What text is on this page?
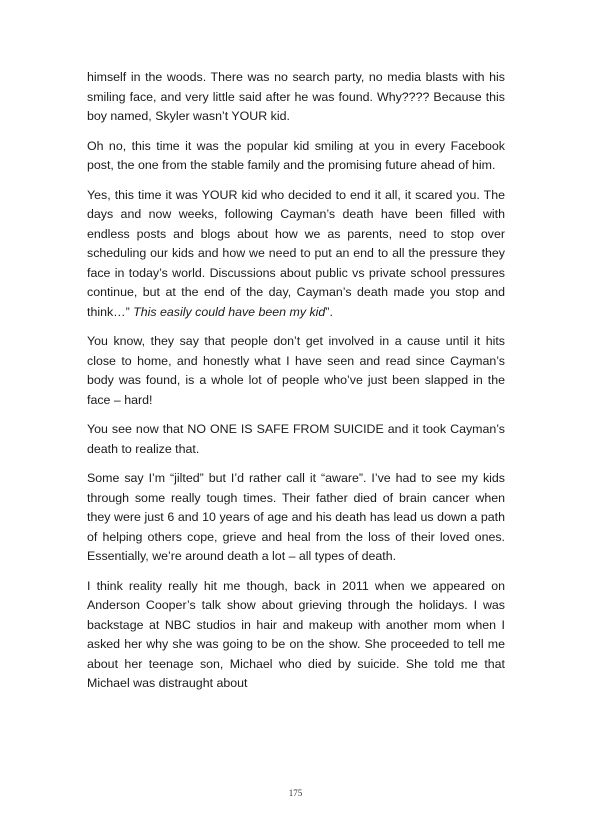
himself in the woods. There was no search party, no media blasts with his smiling face, and very little said after he was found. Why???? Because this boy named, Skyler wasn’t YOUR kid.

Oh no, this time it was the popular kid smiling at you in every Facebook post, the one from the stable family and the promising future ahead of him.

Yes, this time it was YOUR kid who decided to end it all, it scared you. The days and now weeks, following Cayman’s death have been filled with endless posts and blogs about how we as parents, need to stop over scheduling our kids and how we need to put an end to all the pressure they face in today’s world. Discussions about public vs private school pressures continue, but at the end of the day, Cayman’s death made you stop and think…” This easily could have been my kid”.

You know, they say that people don’t get involved in a cause until it hits close to home, and honestly what I have seen and read since Cayman’s body was found, is a whole lot of people who’ve just been slapped in the face – hard!

You see now that NO ONE IS SAFE FROM SUICIDE and it took Cayman’s death to realize that.

Some say I’m “jilted” but I’d rather call it “aware”. I’ve had to see my kids through some really tough times. Their father died of brain cancer when they were just 6 and 10 years of age and his death has lead us down a path of helping others cope, grieve and heal from the loss of their loved ones. Essentially, we’re around death a lot – all types of death.

I think reality really hit me though, back in 2011 when we appeared on Anderson Cooper’s talk show about grieving through the holidays. I was backstage at NBC studios in hair and makeup with another mom when I asked her why she was going to be on the show. She proceeded to tell me about her teenage son, Michael who died by suicide. She told me that Michael was distraught about

175
